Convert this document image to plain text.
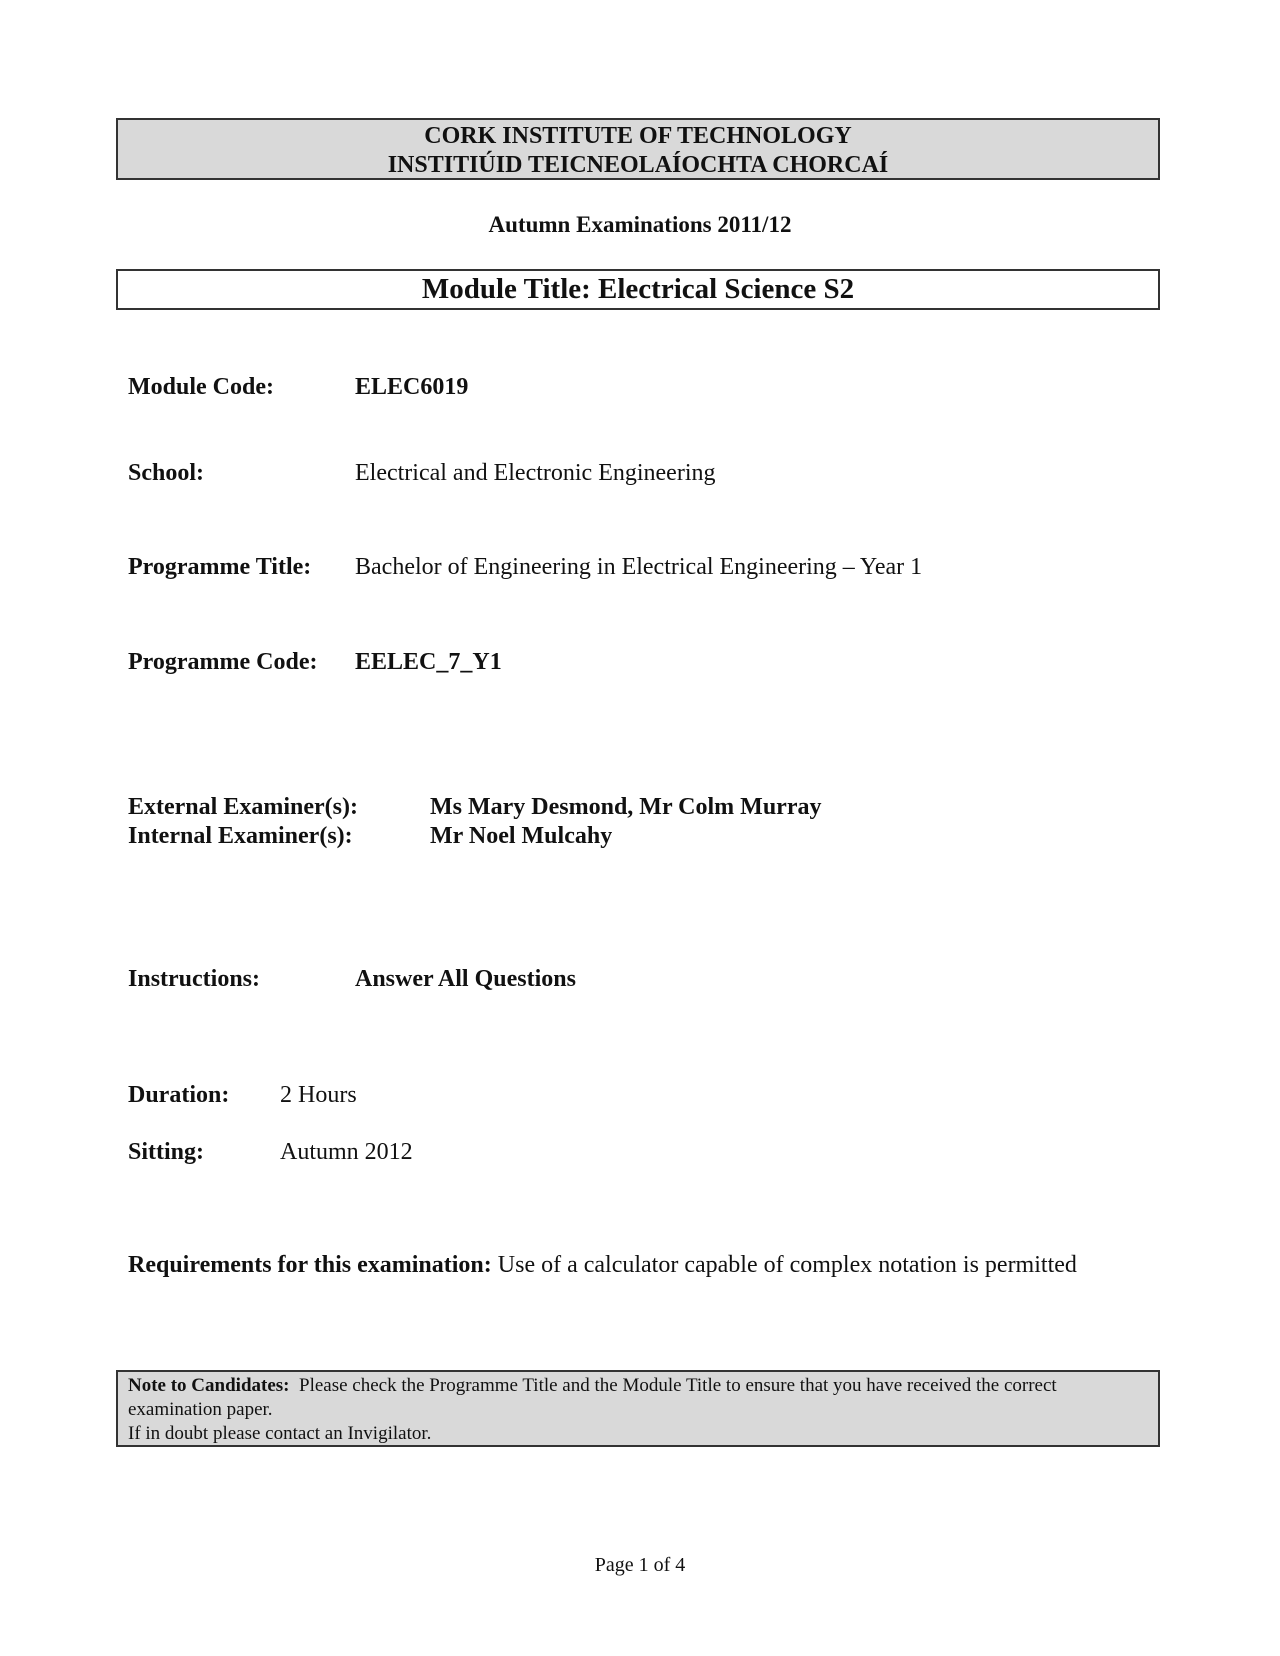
CORK INSTITUTE OF TECHNOLOGY
INSTITIÚID TEICNEOLAÍOCHTA CHORCAÍ
Autumn Examinations 2011/12
Module Title: Electrical Science S2
Module Code:	ELEC6019
School:	Electrical and Electronic Engineering
Programme Title: Bachelor of Engineering in Electrical Engineering – Year 1
Programme Code: EELEC_7_Y1
External Examiner(s):	Ms Mary Desmond, Mr Colm Murray
Internal Examiner(s):	Mr Noel Mulcahy
Instructions:	Answer All Questions
Duration: 2 Hours
Sitting:	Autumn 2012
Requirements for this examination: Use of a calculator capable of complex notation is permitted
Note to Candidates:  Please check the Programme Title and the Module Title to ensure that you have received the correct examination paper.
If in doubt please contact an Invigilator.
Page 1 of 4
